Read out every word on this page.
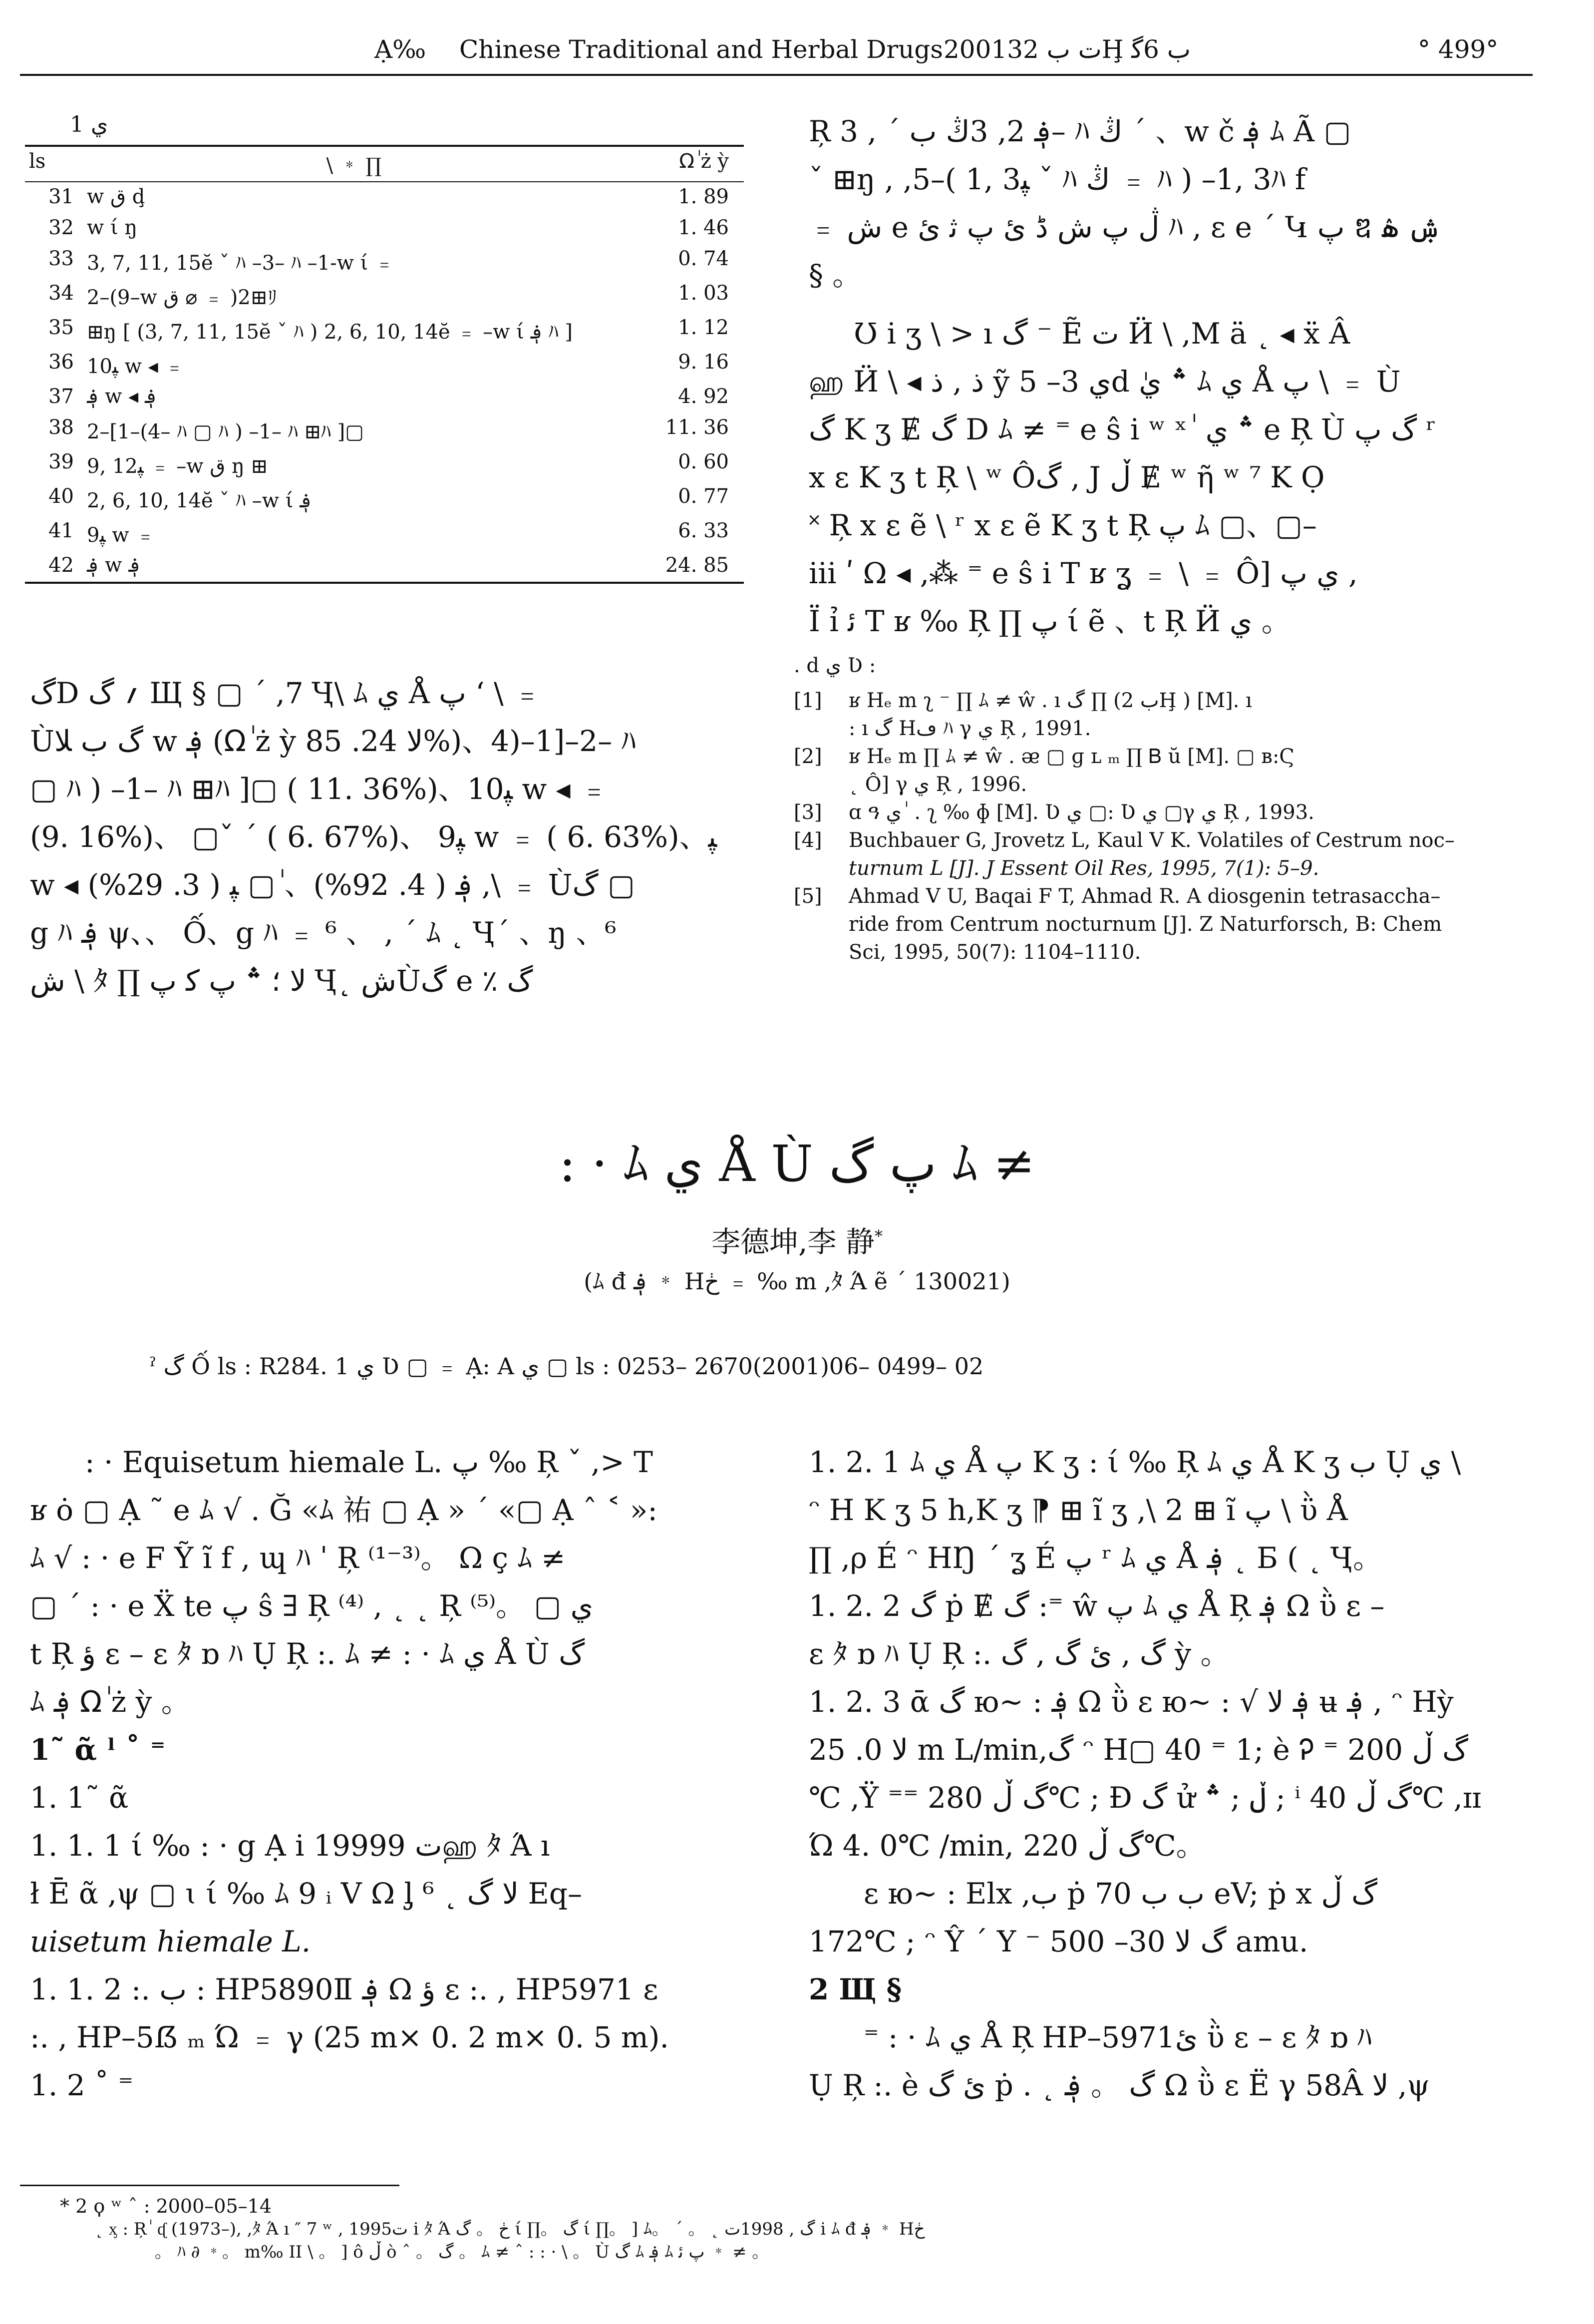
Ạ‰ Chinese Traditional and Herbal Drugs 2001ت ب 32Ḩ ب 6ﮔ	° 499°
ي 1
ls	\ ﹡ ∏	Ωٰ ż ỳ
31	w ق ḑ	1. 89
32	w ί ŋ	1. 46
33	3, 7, 11, 15ĕ ˇ ﾊ –3– ﾊ –1-w ί ﹦	0. 74
34	2–(9–w ق ⌀ ﹦ )2⊞ﾘ	1. 03
35	⊞ŋ [ (3, 7, 11, 15ĕ ˇ ﾊ ) 2, 6, 10, 14ĕ ﹦ –w ί ؋ ﾊ ]	1. 12
36	10ﭙ w ◂ ﹦	9. 16
37	؋ w ◂ ؋	4. 92
38	2–[1–(4– ﾊ ▢ ﾊ ) –1– ﾊ ⊞ﾊ ]▢	11. 36
39	9, 12ﭙ ﹦ –w ق ŋ ⊞	0. 60
40	2, 6, 10, 14ĕ ˇ ﾊ –w ί ؋	0. 77
41	9ﭙ w ﹦	6. 33
42	؋ w ؋	24. 85
گD ؍ گ Щ § ▢ ´ ,7 Ҷ\ ﾑ ي Å پ ʻ \ ﹦
Ùگ ب ﻼ w ؋ (Ωٰ ż ỳ ﻻ 24. 85%)、2–[1–(4– ﾊ
▢ ﾊ ) –1– ﾊ ⊞ﾊ ]▢ ( 11. 36%)、10ﭙ w ◂ ﹦
(9. 16%)、 ▢ˇ ΄ ( 6. 67%)、 9ﭙ w ﹦ ( 6. 63%)、ﭙ
w ◂ ؋ ( 4. 92%)、 ٰ▢ ﭙ ( 3. 29%) ,\ ﹦ Ùگ ▢
g ﾊ ؋ ψ、、 Ố、g ﾊ ﹦ ⁶ 、 , ΄ ﾑ ˛ Ҷ΄ 、ŋ 、⁶
ش \ ﾀ ∏ ﻻ ؛ ؞ پ ﮐ پ Ҷ˛ شÙگ e ٪ گ
Ŗ ؋ 2, 3ڭ ب ΄ , 3– ﾊ ڭ ΄ 、w č ؋ ﾑ Ã ▢
ˇ ⊞ŋ , ,5–( 1, 3ﭙ ˇ ﾊ ڭ ﹦ ﾊ ) –1, 3ﾊ f
﹦ ش e ڷ پ ش ڈ ئ پ ﺛ ﺉ ﾊ , ɛ e ´ Կ پ ឌ ۺ ۿ
§ 。
Ʊ i ʒ \ > ı گ ⁻ Ẽ ت Ӥ \ ,M ä ˛ ◂ ẍ Â
ஹ Ӥ \ ◂ ذ , ذ ỹ ي 3– 5d ؞ يٰ ﾑ ي Å پ \ ﹦ Ù
گ K ʒ Ɇ گ D ﾑ ≠ ⁼ e ŝ i ʷ ˣ ٰ ؞ ي e Ŗ Ù گ پ ʳ
x ɛ K ʒ t Ŗ \ ʷ Ôگ , J ڵ Ɇ ʷ ῆ ʷ ⁷ K Ọ
˟ Ŗ x ɛ ẽ \ ʳ x ɛ ẽ K ʒ t Ŗ پ ﾑ ▢、▢–
iii ʹ Ω ◂ ,⁂ ⁼ e ŝ i T ʁ ʓ ﹦ \ ﹦ Ô] ي پ ,
Ï ỉ ﺋ T ʁ ‰ Ŗ ∏ پ ί ẽ 、t Ŗ Ӥ ي 。
. d ي Ʋ :
[1]	ʁ Hₑ m ʅ ⁻ ∏ ﾑ ≠ ŵ . ı گ ∏ (ب 2Ḩ ) [M]. ı
: ı گ Hڡ ﾊ γ ي Ŗ , 1991.
[2]	ʁ Hₑ m ∏ ﾑ ≠ ŵ . ᴂ ▢ ɡ ʟ ₘ ∏ Ᏼ ŭ [M]. ▢ ʙ:Ϛ
˛ Ô] γ ي Ŗ , 1996.
[3]	ɑ ዓ ي ٰ . ʅ ‰ ɸ [M]. Ʋ ي ▢: Ʋ ي ▢γ ي Ŗ , 1993.
[4]	Buchbauer G, Jrovetz L, Kaul V K. Volatiles of Cestrum noc–
turnum L [J]. J Essent Oil Res, 1995, 7(1): 5–9.
[5]	Ahmad V U, Baqai F T, Ahmad R. A diosgenin tetrasaccha–
ride from Centrum nocturnum [J]. Z Naturforsch, B: Chem
Sci, 1995, 50(7): 1104–1110.
: · ﾑ ي Å Ù پ گ ﾑ ≠
李德坤,李 静*
(ﾑ đ ؋ ﹡ Hڂ ﹦ ‰ m ,ﾀ Ά ẽ ΄ 130021)
ˀ گ Ố ls : R284. 1 ي Ʋ ▢ ﹦ Ạ: A ي ▢ ls : 0253– 2670(2001)06– 0499– 02
: · Equisetum hiemale L. پ ‰ Ŗ ˇ ,> T
ʁ ȯ ▢ Ạ ˜ e ﾑ √ . Ğ «ﾑ 祐 ▢ Ạ » ´ «▢ Ạ ˆ ˂ »:
ﾑ √ : · e F Ỹ ĩ f , ɰ ﾊ ˈ Ŗ ⁽¹⁻³⁾。 Ω ç ﾑ ≠
▢ ´ : · e Ẍ te پ ŝ ∃ Ŗ ⁽⁴⁾ , ˛ ˛ Ŗ ⁽⁵⁾。 ▢ ي
t Ŗ ﺅ ɛ – ɛ ﾀ ɒ ﾊ Ụ Ŗ :. ﾑ ≠ : · ﾑ ي Å Ù گ
ﾑ ؋ Ωٰ ż ỳ 。
1˜ ᾶ ˡ ˚ ⁼
1. 1˜ ᾶ
1. 1. 1 ί ‰ : · g Ạ i 1999ت 9ஹ ﾀ Ά ı
ł Ē ᾶ ,ψ ▢ ɩ ί ‰ ﾑ 9 ᵢ V Ω ᶅ ⁶ ˛ ﻻ گ Eq–
uisetum hiemale L.
1. 1. 2 :. ب : HP5890Ⅱ ؋ Ω ﺅ ɛ :. , HP5971 ɛ
:. , HP–5ẞ ₘ Ώ ﹦ γ (25 m× 0. 2 m× 0. 5 m).
1. 2 ˚ ⁼
1. 2. 1 ﾑ ي Å پ K ʒ : ί ‰ Ŗ ﾑ ي Å K ʒ ب Ụ ي \
ᵔ H K ʒ 5 h,K ʒ ⁋ ⊞ ĩ ʒ ,\ 2 ⊞ ĩ پ \ ῢ Å
∏ ,ρ É ᵔ HŊ ´ ʓ É پ ʳ ﾑ ي Å ؋ ˛ Ƃ ( ˛ Ҷ。
1. 2. 2 گ ṗ Ɇ گ :⁼ ŵ پ ﾑ ي Å Ŗ ؋ Ω ῢ ɛ –
ɛ ﾀ ɒ ﾊ Ụ Ŗ :. گ , ئ گ , گ ỳ 。
1. 2. 3 ᾱ گ ю~ : ؋ Ω ῢ ɛ ю~ : √ ؋ ﻻ ʉ ؋ , ᵔ Hỳ
ﻻ 0. 25 m L/min,گ ᵔ H▢ 40 ⁼ 1; è Ꭾ ⁼ گ ڵ 200
℃ ,Ÿ ⁼⁼ گ ڵ 280℃ ; Ɖ گ ử ڵ ; ؞ ; ⁱ گ ڵ 40℃ ,ɪɪ
Ώ 4. 0℃ /min, گ ڵ 220℃。
ɛ ю~ : Elx ,ب ṗ ب ب 70 eV; ṗ x گ ڵ
172℃ ; ᵔ Ŷ ˊ Y ⁻ گ ﻻ 30– 500 amu.
2 Щ §
⁼ : · ﾑ ي Å Ŗ HP–5971ئ ῢ ɛ – ɛ ﾀ ɒ ﾊ
Ụ Ŗ :. è ئ گ ṗ . ˛ گ 。 ؋ Ω ῢ ɛ Ë γ 58Â ﻻ ,ψ
* 2 ϙ ʷ ˆ : 2000–05–14
˛ ᶍ : Ŗ ٰ ᶑ (1973–), ,ﾀ Ά ı ″ 7 ʷ , 1995ت i ﾀ Ά ڂ 。 گ ί ∏。 گ ί ∏。 ] ﾑ。 ´ 。 ˛ گ , 1998ت i ﾑ đ ؋ ﹡ Hڂ
。 ﾊ ∂ ﹡。 m‰ ΙΙ \ 。 ] ô ڵ ὸ ˆ 。 گ 。 ﾑ ≠ ˆ : : · \ 。 Ù گ ﾑ ؋ ﾑ پ ﺋ ﹡ ≠ 。
